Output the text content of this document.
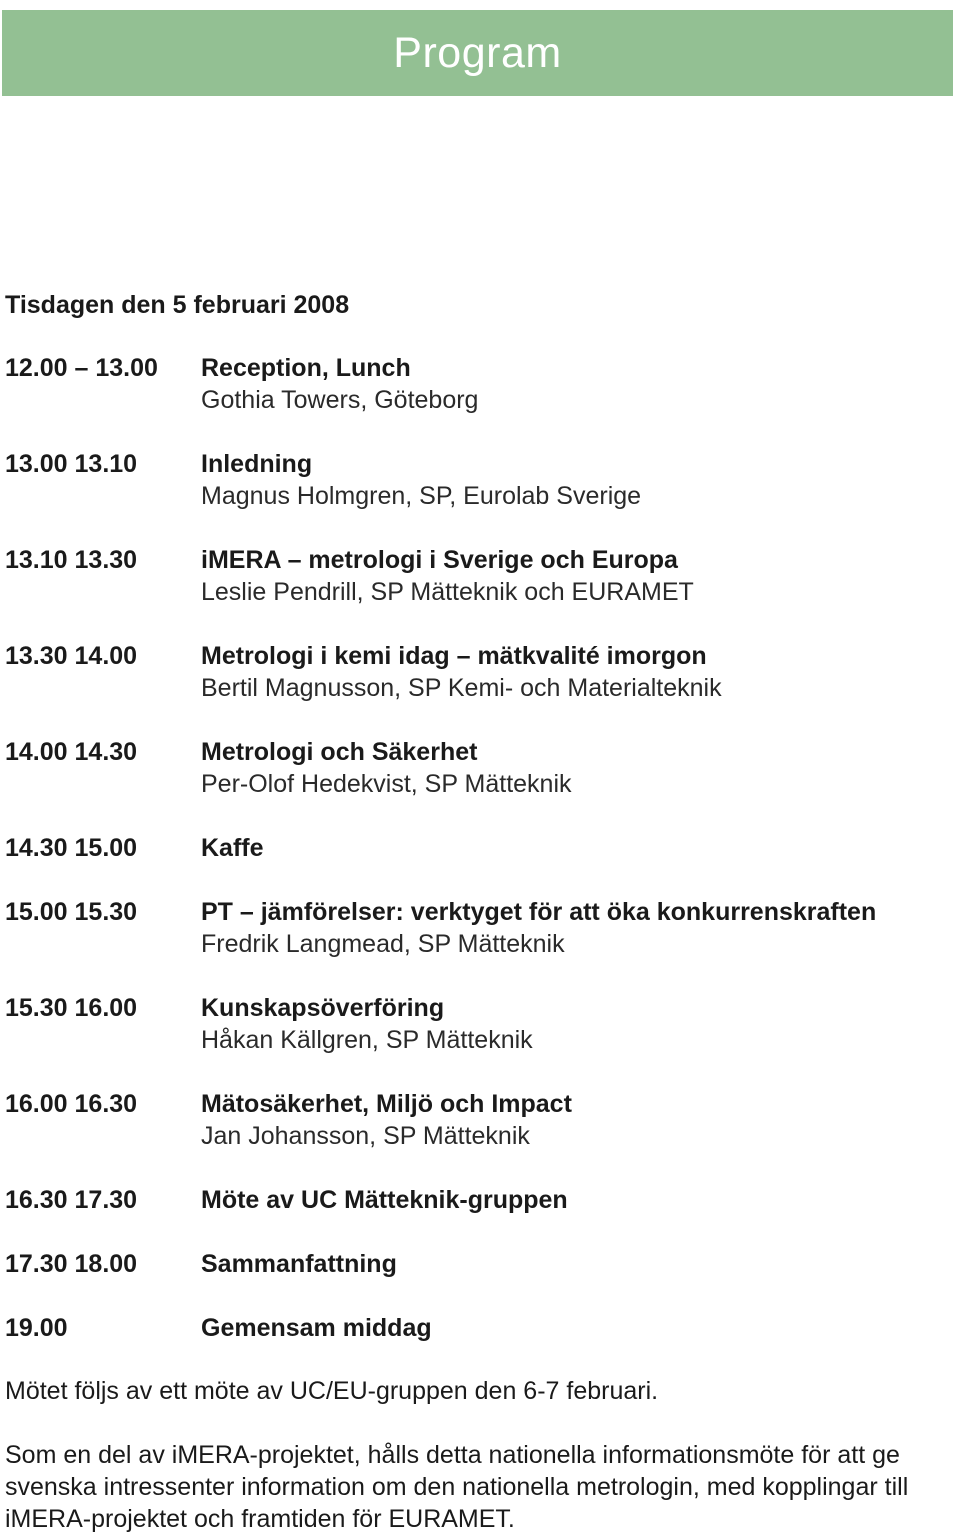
Program
Tisdagen den 5 februari 2008
12.00 – 13.00 Reception, Lunch
Gothia Towers, Göteborg
13.00 13.10	Inledning
Magnus Holmgren, SP, Eurolab Sverige
13.10 13.30	iMERA – metrologi i Sverige och Europa
Leslie Pendrill, SP Mätteknik och EURAMET
13.30 14.00	Metrologi i kemi idag – mätkvalité imorgon
Bertil Magnusson, SP Kemi- och Materialteknik
14.00 14.30	Metrologi och Säkerhet
Per-Olof Hedekvist, SP Mätteknik
14.30 15.00	Kaffe
15.00 15.30	PT – jämförelser: verktyget för att öka konkurrenskraften
Fredrik Langmead, SP Mätteknik
15.30 16.00	Kunskapsöverföring
Håkan Källgren, SP Mätteknik
16.00 16.30	Mätosäkerhet, Miljö och Impact
Jan Johansson, SP Mätteknik
16.30 17.30	Möte av UC Mätteknik-gruppen
17.30 18.00	Sammanfattning
19.00	Gemensam middag

Mötet följs av ett möte av UC/EU-gruppen den 6-7 februari.

Som en del av iMERA-projektet, hålls detta nationella informationsmöte för att ge
svenska intressenter information om den nationella metrologin, med kopplingar till
iMERA-projektet och framtiden för EURAMET.
